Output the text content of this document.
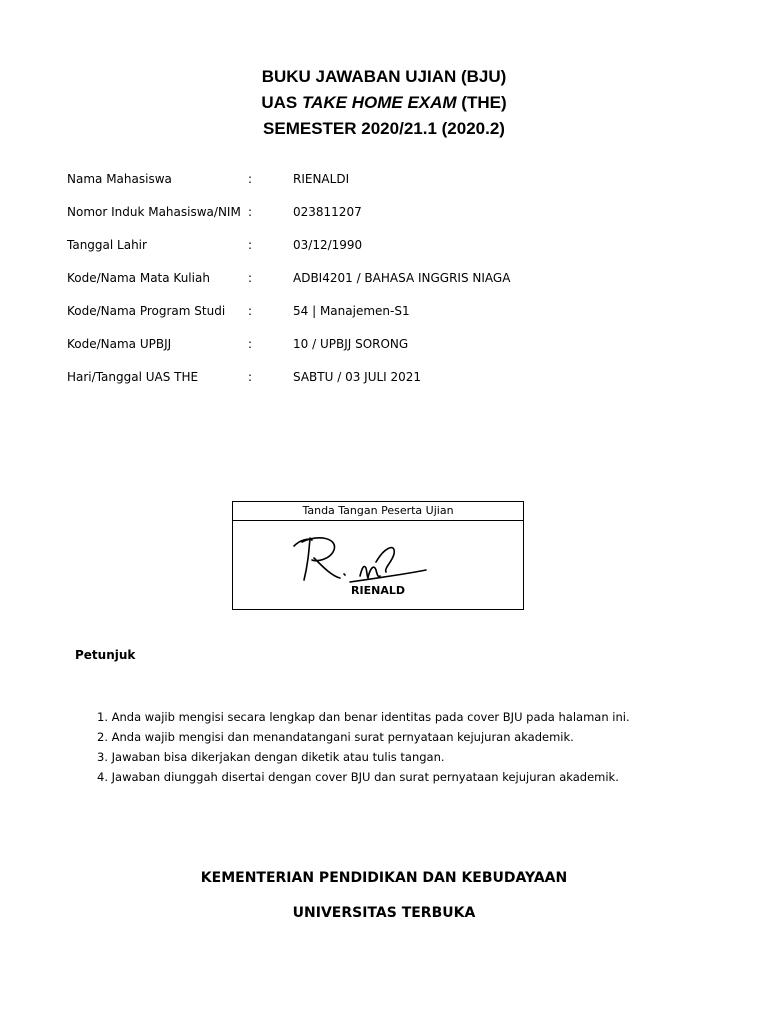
BUKU JAWABAN UJIAN (BJU)
UAS TAKE HOME EXAM (THE)
SEMESTER 2020/21.1 (2020.2)
Nama Mahasiswa	:	RIENALDI
Nomor Induk Mahasiswa/NIM :	023811207
Tanggal Lahir	:	03/12/1990
Kode/Nama Mata Kuliah	:	ADBI4201 / BAHASA INGGRIS NIAGA
Kode/Nama Program Studi :	54 | Manajemen-S1
Kode/Nama UPBJJ	:	10 / UPBJJ SORONG
Hari/Tanggal UAS THE	:	SABTU / 03 JULI 2021
Tanda Tangan Peserta Ujian
RIENALD
Petunjuk
1. Anda wajib mengisi secara lengkap dan benar identitas pada cover BJU pada halaman ini.
2. Anda wajib mengisi dan menandatangani surat pernyataan kejujuran akademik.
3. Jawaban bisa dikerjakan dengan diketik atau tulis tangan.
4. Jawaban diunggah disertai dengan cover BJU dan surat pernyataan kejujuran akademik.
KEMENTERIAN PENDIDIKAN DAN KEBUDAYAAN
UNIVERSITAS TERBUKA
